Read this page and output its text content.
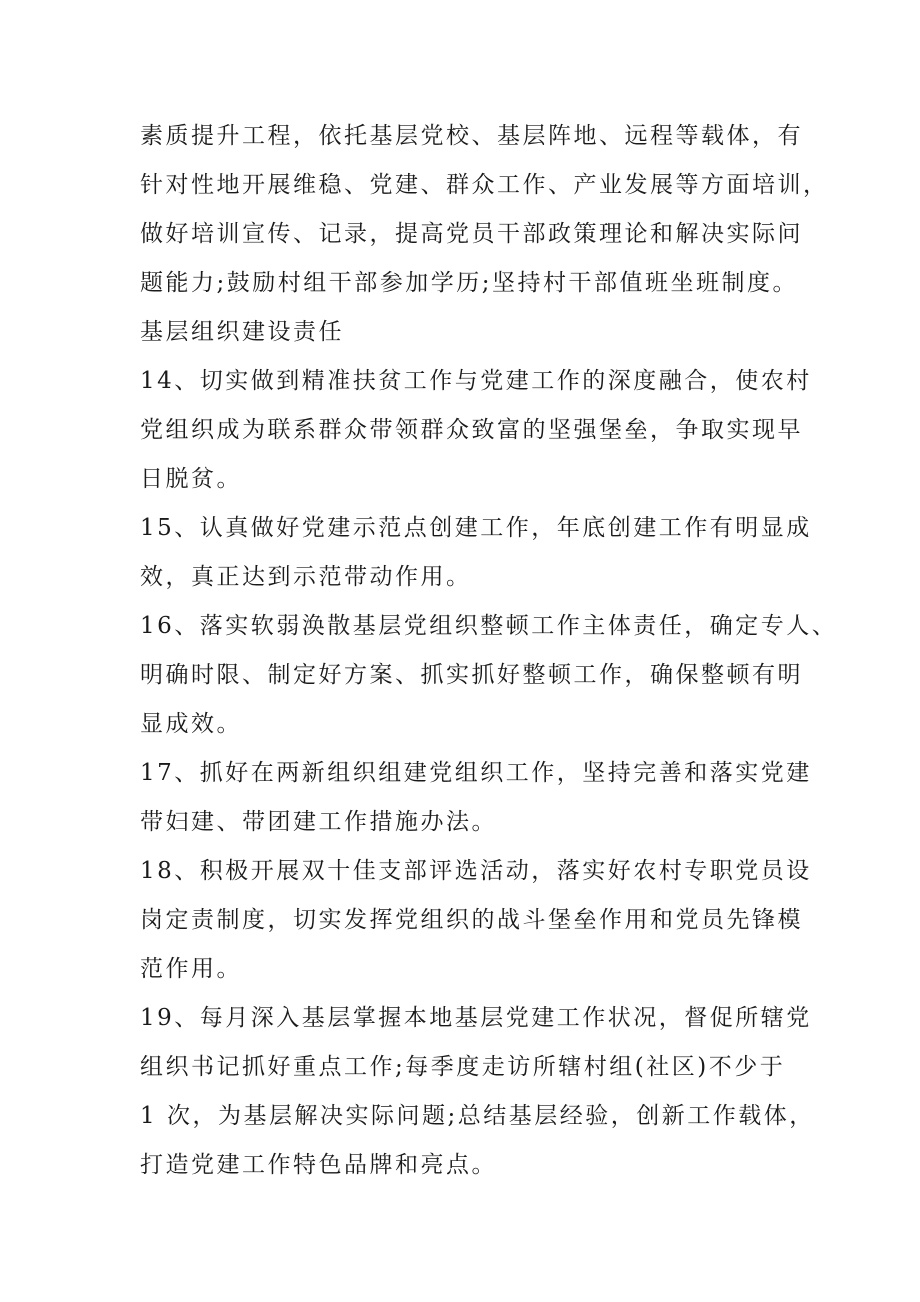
素质提升工程，依托基层党校、基层阵地、远程等载体，有
针对性地开展维稳、党建、群众工作、产业发展等方面培训，
做好培训宣传、记录，提高党员干部政策理论和解决实际问
题能力;鼓励村组干部参加学历;坚持村干部值班坐班制度。
基层组织建设责任
14、切实做到精准扶贫工作与党建工作的深度融合，使农村
党组织成为联系群众带领群众致富的坚强堡垒，争取实现早
日脱贫。
15、认真做好党建示范点创建工作，年底创建工作有明显成
效，真正达到示范带动作用。
16、落实软弱涣散基层党组织整顿工作主体责任，确定专人、
明确时限、制定好方案、抓实抓好整顿工作，确保整顿有明
显成效。
17、抓好在两新组织组建党组织工作，坚持完善和落实党建
带妇建、带团建工作措施办法。
18、积极开展双十佳支部评选活动，落实好农村专职党员设
岗定责制度，切实发挥党组织的战斗堡垒作用和党员先锋模
范作用。
19、每月深入基层掌握本地基层党建工作状况，督促所辖党
组织书记抓好重点工作;每季度走访所辖村组(社区)不少于
1 次，为基层解决实际问题;总结基层经验，创新工作载体，
打造党建工作特色品牌和亮点。
